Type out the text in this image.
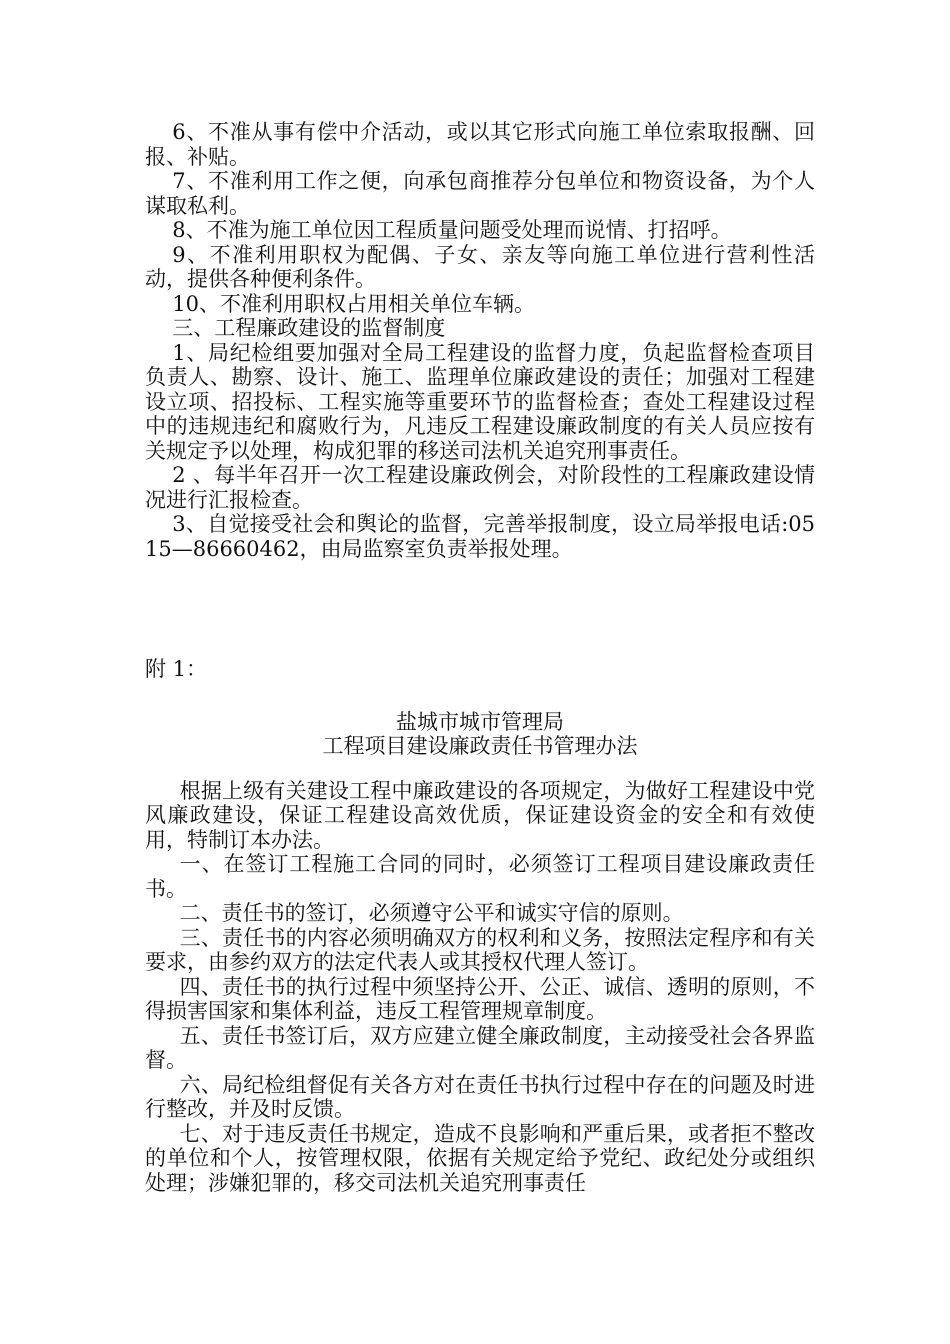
6、不准从事有偿中介活动，或以其它形式向施工单位索取报酬、回报、补贴。

7、不准利用工作之便，向承包商推荐分包单位和物资设备，为个人谋取私利。

8、不准为施工单位因工程质量问题受处理而说情、打招呼。

9、不准利用职权为配偶、子女、亲友等向施工单位进行营利性活动，提供各种便利条件。

10、不准利用职权占用相关单位车辆。

三、工程廉政建设的监督制度

1、局纪检组要加强对全局工程建设的监督力度，负起监督检查项目负责人、勘察、设计、施工、监理单位廉政建设的责任；加强对工程建设立项、招投标、工程实施等重要环节的监督检查；查处工程建设过程中的违规违纪和腐败行为，凡违反工程建设廉政制度的有关人员应按有关规定予以处理，构成犯罪的移送司法机关追究刑事责任。

2 、每半年召开一次工程建设廉政例会，对阶段性的工程廉政建设情况进行汇报检查。

3、自觉接受社会和舆论的监督，完善举报制度，设立局举报电话:0515—86660462，由局监察室负责举报处理。

附 1：

盐城市城市管理局

工程项目建设廉政责任书管理办法

根据上级有关建设工程中廉政建设的各项规定，为做好工程建设中党风廉政建设，保证工程建设高效优质，保证建设资金的安全和有效使用，特制订本办法。

一、在签订工程施工合同的同时，必须签订工程项目建设廉政责任书。

二、责任书的签订，必须遵守公平和诚实守信的原则。

三、责任书的内容必须明确双方的权利和义务，按照法定程序和有关要求，由参约双方的法定代表人或其授权代理人签订。

四、责任书的执行过程中须坚持公开、公正、诚信、透明的原则，不得损害国家和集体利益，违反工程管理规章制度。

五、责任书签订后，双方应建立健全廉政制度，主动接受社会各界监督。

六、局纪检组督促有关各方对在责任书执行过程中存在的问题及时进行整改，并及时反馈。

七、对于违反责任书规定，造成不良影响和严重后果，或者拒不整改的单位和个人，按管理权限，依据有关规定给予党纪、政纪处分或组织处理；涉嫌犯罪的，移交司法机关追究刑事责任
